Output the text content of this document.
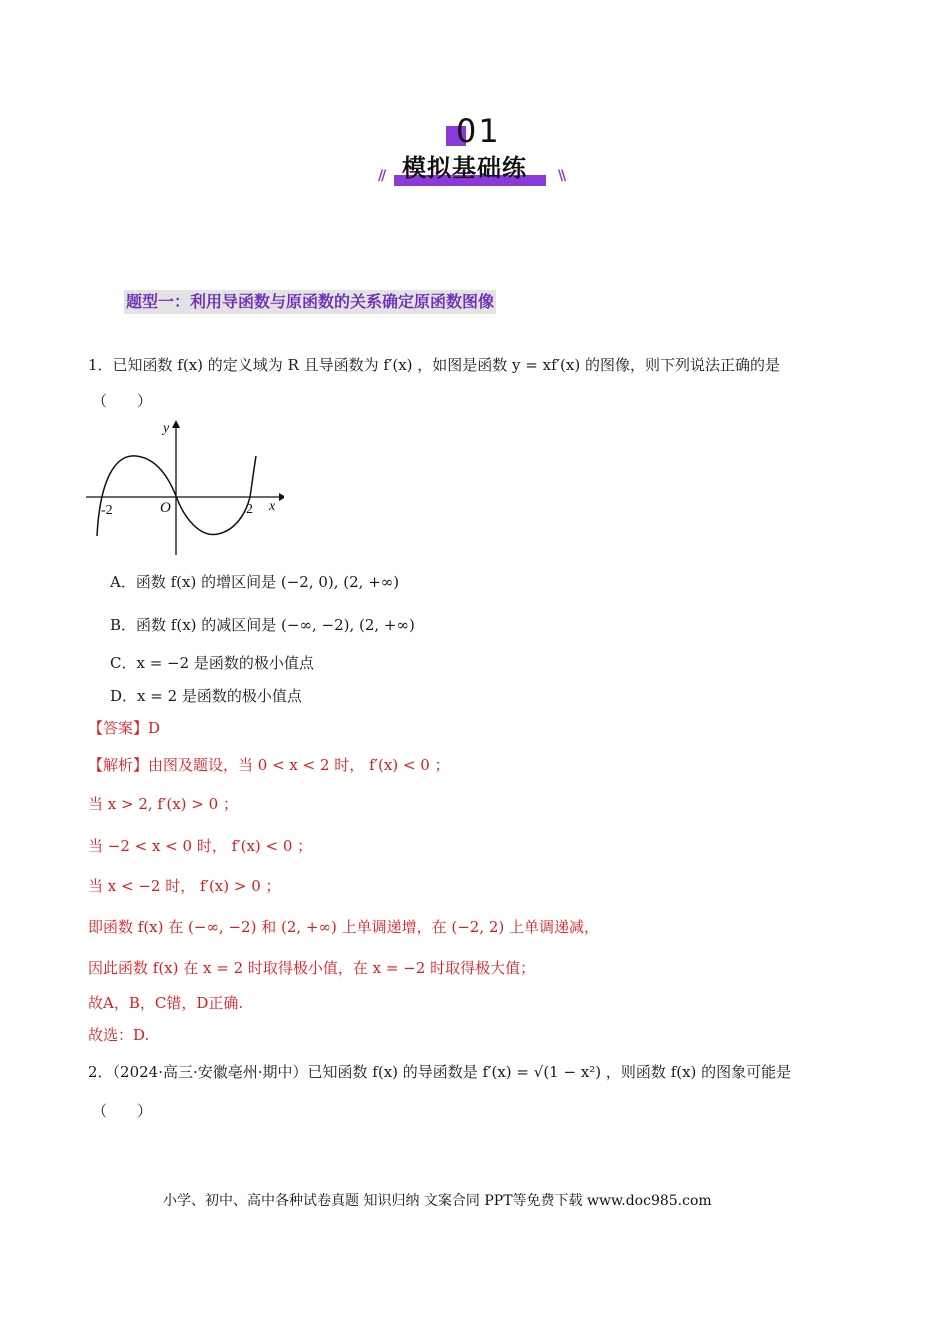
01
// 模拟基础练 \\
题型一：利用导函数与原函数的关系确定原函数图像
1．已知函数 f(x) 的定义域为 R 且导函数为 f′(x) ，如图是函数 y = xf′(x) 的图像，则下列说法正确的是
（　　）
y
x
O
-2	2
A．函数 f(x) 的增区间是 (−2, 0), (2, +∞)
B．函数 f(x) 的减区间是 (−∞, −2), (2, +∞)
C．x = −2 是函数的极小值点
D．x = 2 是函数的极小值点
【答案】D
【解析】由图及题设，当 0 < x < 2 时， f′(x) < 0 ；
当 x > 2, f′(x) > 0 ；
当 −2 < x < 0 时， f′(x) < 0 ；
当 x < −2 时， f′(x) > 0 ；
即函数 f(x) 在 (−∞, −2) 和 (2, +∞) 上单调递增，在 (−2, 2) 上单调递减，
因此函数 f(x) 在 x = 2 时取得极小值，在 x = −2 时取得极大值；
故A，B，C错，D正确.
故选：D.
2．（2024·高三·安徽亳州·期中）已知函数 f(x) 的导函数是 f′(x) = √(1 − x²) ，则函数 f(x) 的图象可能是
（　　）
小学、初中、高中各种试卷真题 知识归纳 文案合同 PPT等免费下载 www.doc985.com
